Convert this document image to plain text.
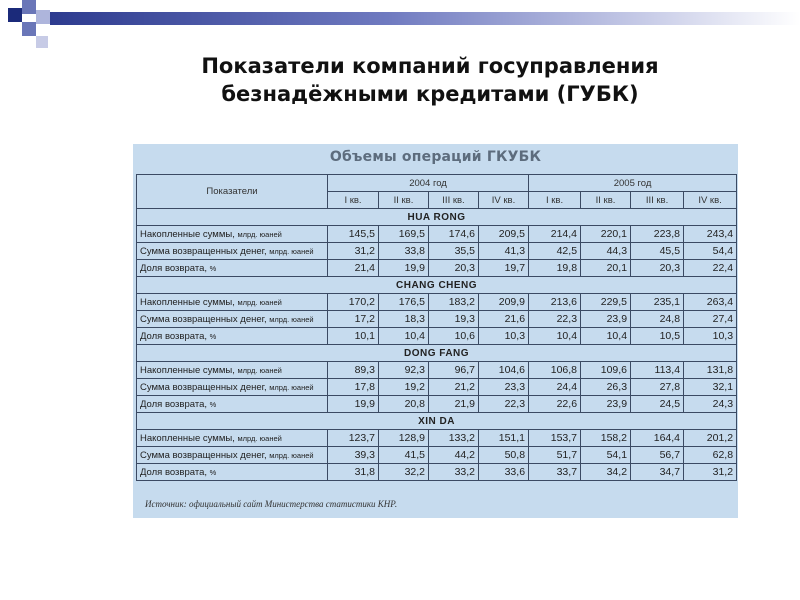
Показатели компаний госуправления
безнадёжными кредитами (ГУБК)
Объемы операций ГКУБК
Показатели	2004 год				2005 год			
	I кв.	II кв.	III кв.	IV кв.	I кв.	II кв.	III кв.	IV кв.
HUA RONG								
Накопленные суммы, млрд. юаней	145,5	169,5	174,6	209,5	214,4	220,1	223,8	243,4
Сумма возвращенных денег, млрд. юаней	31,2	33,8	35,5	41,3	42,5	44,3	45,5	54,4
Доля возврата, %	21,4	19,9	20,3	19,7	19,8	20,1	20,3	22,4
CHANG CHENG								
Накопленные суммы, млрд. юаней	170,2	176,5	183,2	209,9	213,6	229,5	235,1	263,4
Сумма возвращенных денег, млрд. юаней	17,2	18,3	19,3	21,6	22,3	23,9	24,8	27,4
Доля возврата, %	10,1	10,4	10,6	10,3	10,4	10,4	10,5	10,3
DONG FANG								
Накопленные суммы, млрд. юаней	89,3	92,3	96,7	104,6	106,8	109,6	113,4	131,8
Сумма возвращенных денег, млрд. юаней	17,8	19,2	21,2	23,3	24,4	26,3	27,8	32,1
Доля возврата, %	19,9	20,8	21,9	22,3	22,6	23,9	24,5	24,3
XIN DA								
Накопленные суммы, млрд. юаней	123,7	128,9	133,2	151,1	153,7	158,2	164,4	201,2
Сумма возвращенных денег, млрд. юаней	39,3	41,5	44,2	50,8	51,7	54,1	56,7	62,8
Доля возврата, %	31,8	32,2	33,2	33,6	33,7	34,2	34,7	31,2
Источник: официальный сайт Министерства статистики КНР.
